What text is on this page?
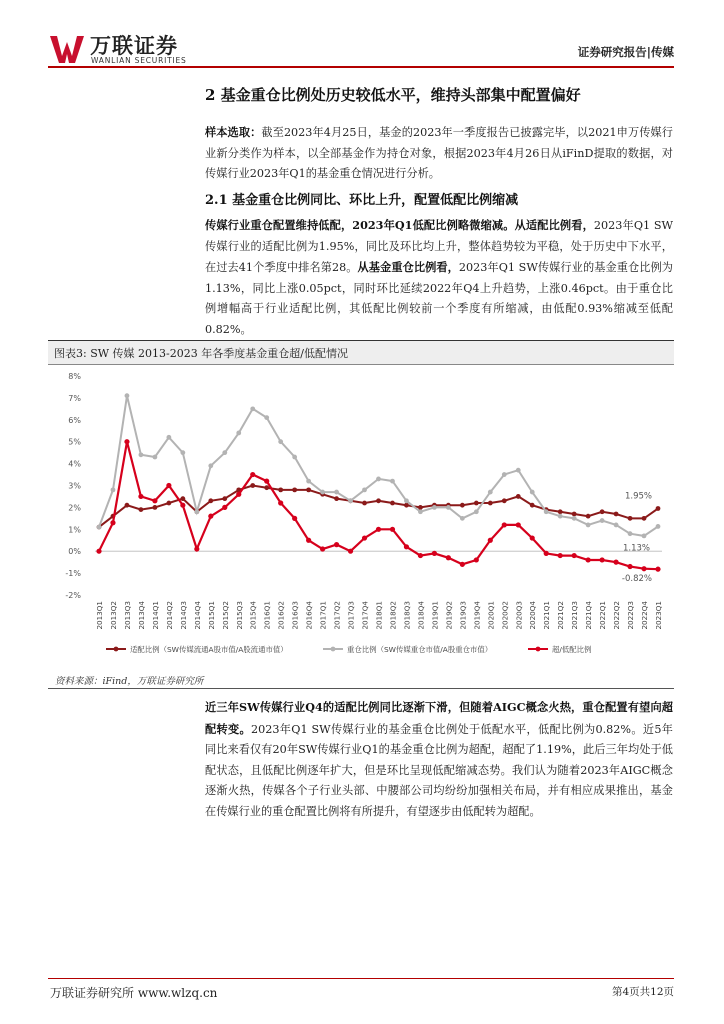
万联证券
WANLIAN SECURITIES
证券研究报告|传媒
2 基金重仓比例处历史较低水平，维持头部集中配置偏好
样本选取：截至2023年4月25日，基金的2023年一季度报告已披露完毕，以2021申万传媒行业新分类作为样本，以全部基金作为持仓对象，根据2023年4月26日从iFinD提取的数据，对传媒行业2023年Q1的基金重仓情况进行分析。
2.1 基金重仓比例同比、环比上升，配置低配比例缩减
传媒行业重仓配置维持低配，2023年Q1低配比例略微缩减。从适配比例看，2023年Q1 SW传媒行业的适配比例为1.95%，同比及环比均上升，整体趋势较为平稳，处于历史中下水平，在过去41个季度中排名第28。从基金重仓比例看，2023年Q1 SW传媒行业的基金重仓比例为1.13%，同比上涨0.05pct，同时环比延续2022年Q4上升趋势，上涨0.46pct。由于重仓比例增幅高于行业适配比例，其低配比例较前一个季度有所缩减，由低配0.93%缩减至低配0.82%。
图表3: SW 传媒 2013-2023 年各季度基金重仓超/低配情况
-2%
-1%
0%
1%
2%
3%
4%
5%
6%
7%
8%
2013Q1 2013Q2 2013Q3 2013Q4 2014Q1 2014Q2 2014Q3 2014Q4 2015Q1 2015Q2 2015Q3 2015Q4 2016Q1 2016Q2 2016Q3 2016Q4 2017Q1 2017Q2 2017Q3 2017Q4 2018Q1 2018Q2 2018Q3 2018Q4 2019Q1 2019Q2 2019Q3 2019Q4 2020Q1 2020Q2 2020Q3 2020Q4 2021Q1 2021Q2 2021Q3 2021Q4 2022Q1 2022Q2 2022Q3 2022Q4 2023Q1
1.95%
1.13%
-0.82%
适配比例（SW传媒流通A股市值/A股流通市值）	重仓比例（SW传媒重仓市值/A股重仓市值）	超/低配比例
资料来源：iFind，万联证券研究所
近三年SW传媒行业Q4的适配比例同比逐渐下滑，但随着AIGC概念火热，重仓配置有望向超配转变。2023年Q1 SW传媒行业的基金重仓比例处于低配水平，低配比例为0.82%。近5年同比来看仅有20年SW传媒行业Q1的基金重仓比例为超配，超配了1.19%，此后三年均处于低配状态，且低配比例逐年扩大，但是环比呈现低配缩减态势。我们认为随着2023年AIGC概念逐渐火热，传媒各个子行业头部、中腰部公司均纷纷加强相关布局，并有相应成果推出，基金在传媒行业的重仓配置比例将有所提升，有望逐步由低配转为超配。
万联证券研究所 www.wlzq.cn	第4页共12页
